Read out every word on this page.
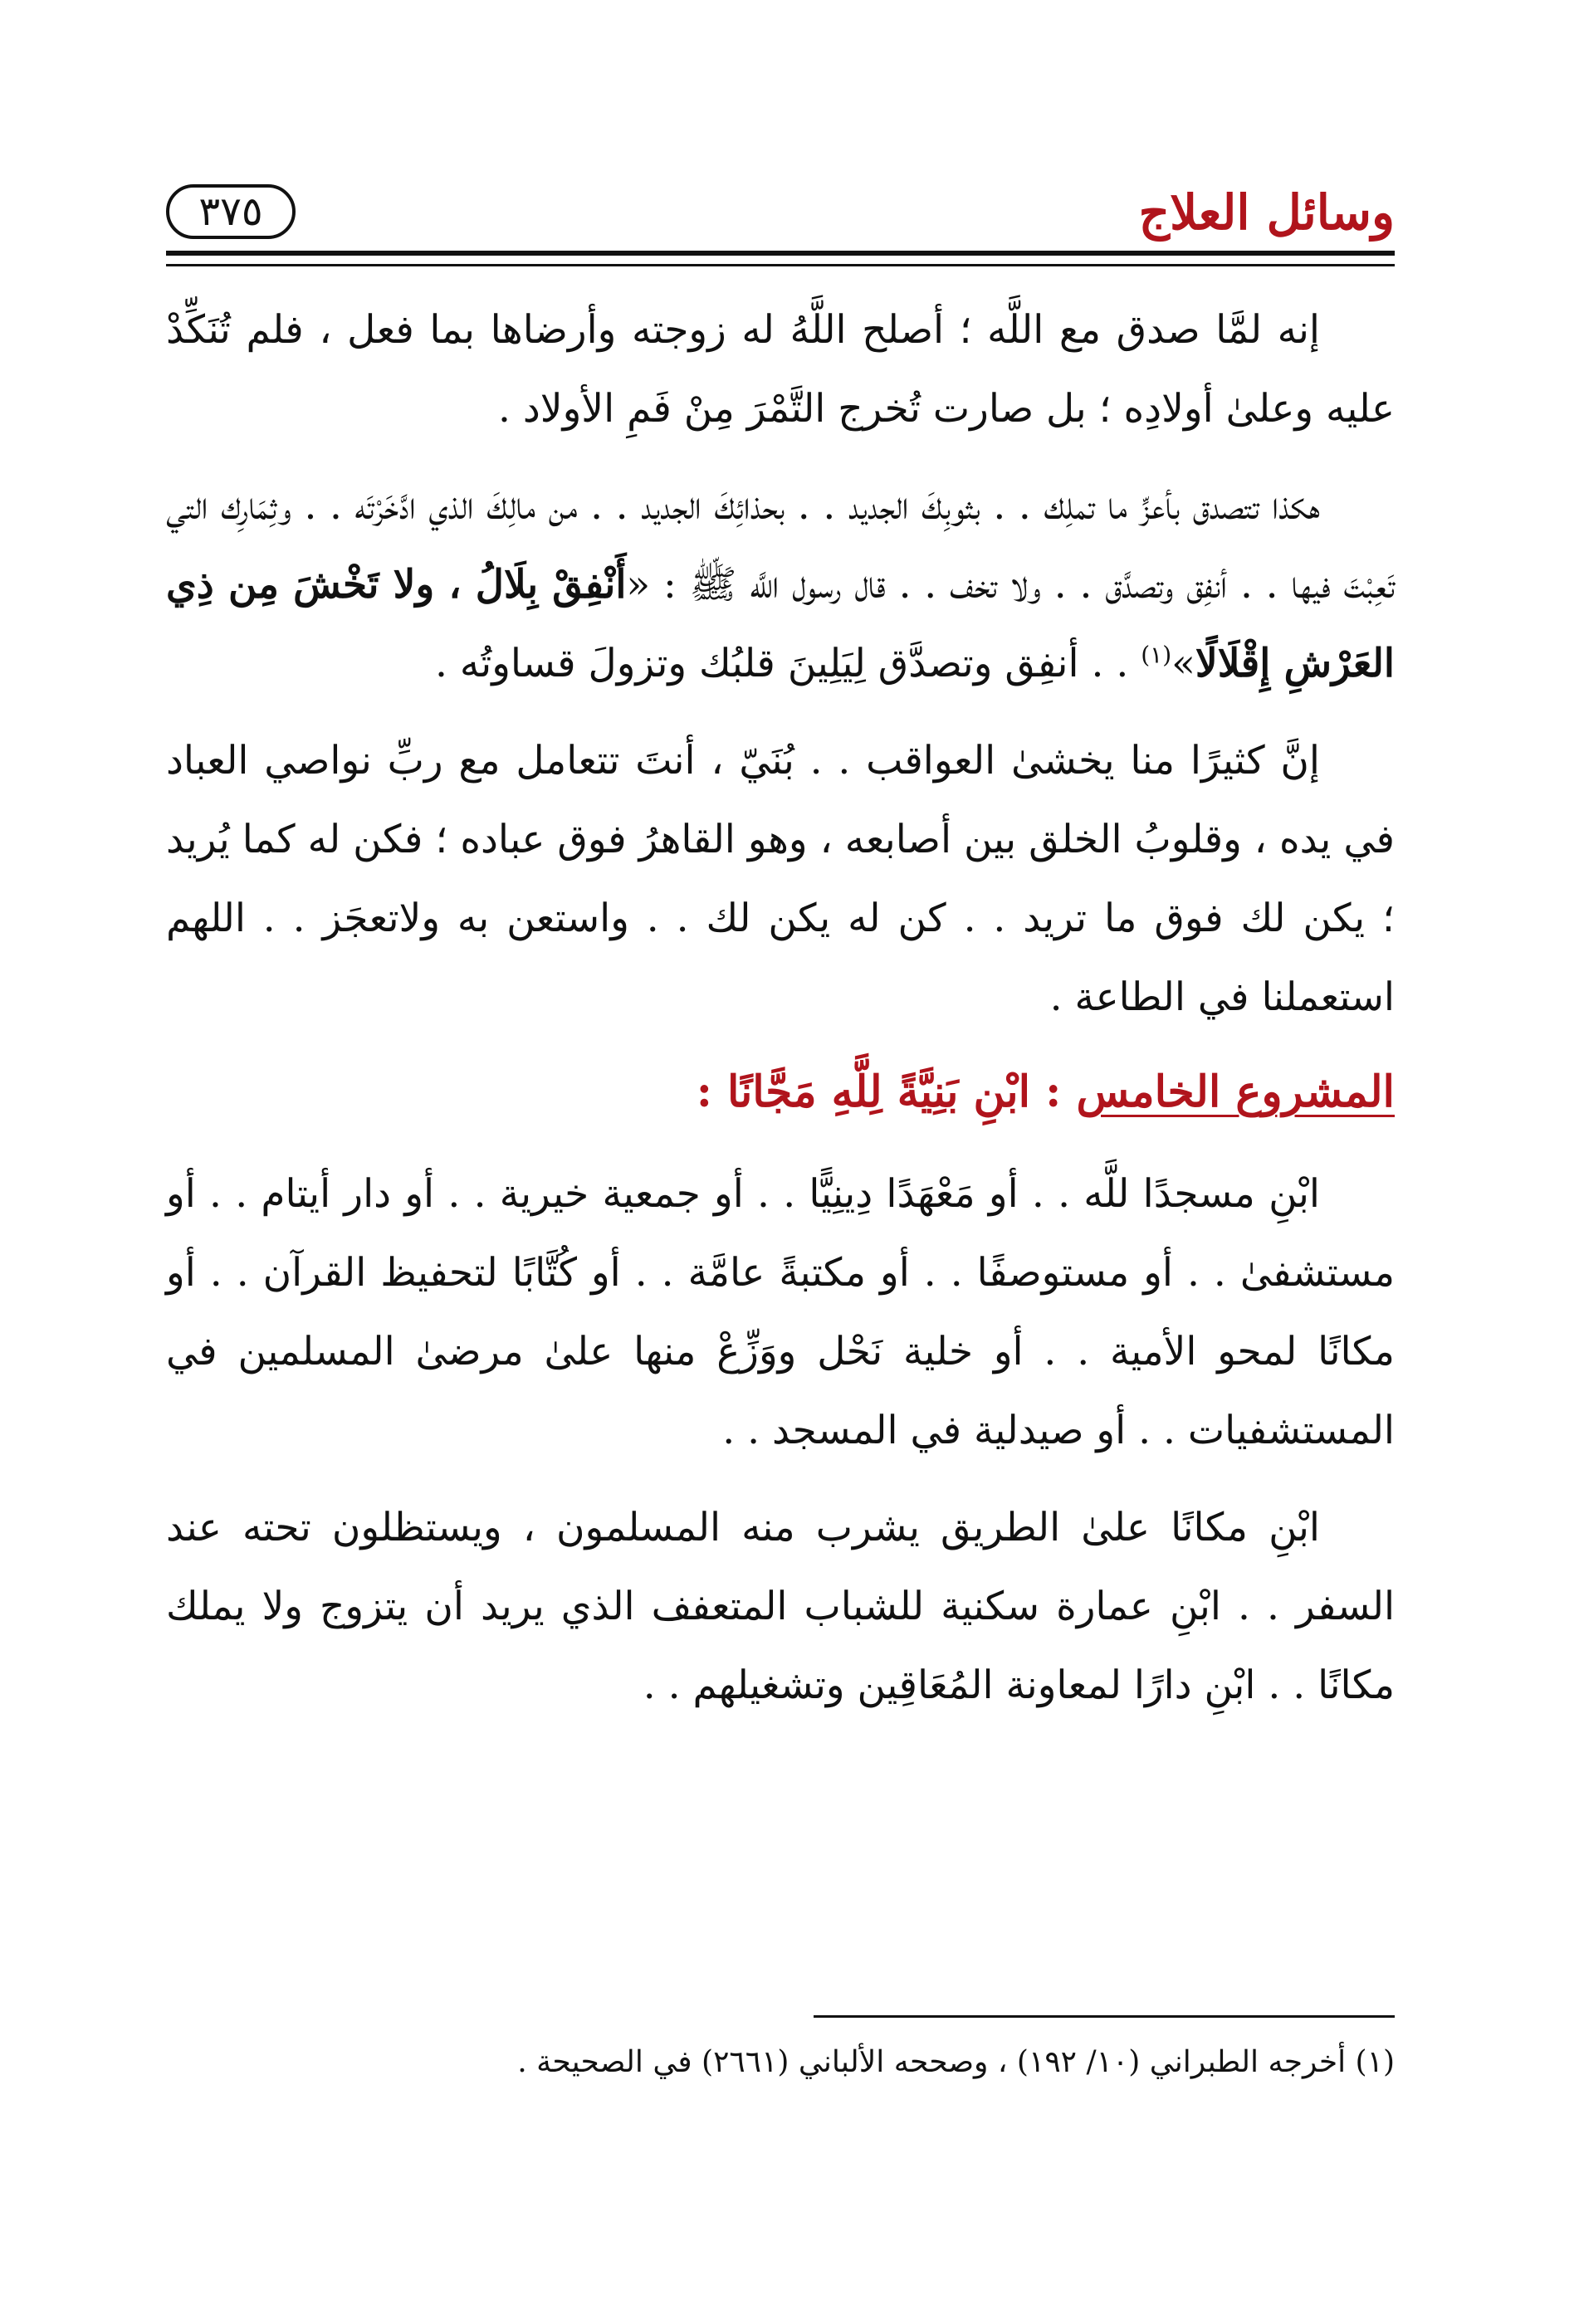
وسائل العلاج
٣٧٥

إنه لمَّا صدق مع اللَّه ؛ أصلح اللَّهُ له زوجته وأرضاها بما فعل ، فلم تُنَكِّدْ عليه وعلىٰ أولادِه ؛ بل صارت تُخرج التَّمْرَ مِنْ فَمِ الأولاد .

هكذا تتصدق بأعزِّ ما تملِك . . بثوبِكَ الجديد . . بحذائِكَ الجديد . . من مالِكَ الذي ادَّخَرْتَه . . وثِمَارِك التي تَعِبْتَ فيها . . أنفِق وتصدَّق . . ولا تخف . . قال رسول اللَّه ﷺ : «أَنْفِقْ بِلَالُ ، ولا تَخْشَ مِن ذِي العَرْشِ إِقْلَالًا»$^{(١)}$ . . أنفِق وتصدَّق لِيَلِينَ قلبُك وتزولَ قساوتُه .

إنَّ كثيرًا منا يخشىٰ العواقب . . بُنَيّ ، أنتَ تتعامل مع ربِّ نواصي العباد في يده ، وقلوبُ الخلق بين أصابعه ، وهو القاهرُ فوق عباده ؛ فكن له كما يُريد ؛ يكن لك فوق ما تريد . . كن له يكن لك . . واستعن به ولاتعجَز . . اللهم استعملنا في الطاعة .

المشروع الخامس : ابْنِ بَنِيَّةً لِلَّهِ مَجَّانًا :

ابْنِ مسجدًا للَّه . . أو مَعْهَدًا دِينِيًّا . . أو جمعية خيرية . . أو دار أيتام . . أو مستشفىٰ . . أو مستوصفًا . . أو مكتبةً عامَّة . . أو كُتَّابًا لتحفيظ القرآن . . أو مكانًا لمحو الأمية . . أو خلية نَحْل ووَزِّعْ منها علىٰ مرضىٰ المسلمين في المستشفيات . . أو صيدلية في المسجد . .

ابْنِ مكانًا علىٰ الطريق يشرب منه المسلمون ، ويستظلون تحته عند السفر . . ابْنِ عمارة سكنية للشباب المتعفف الذي يريد أن يتزوج ولا يملك مكانًا . . ابْنِ دارًا لمعاونة المُعَاقِين وتشغيلهم . .

(١) أخرجه الطبراني (١٠/ ١٩٢) ، وصححه الألباني (٢٦٦١) في الصحيحة .
